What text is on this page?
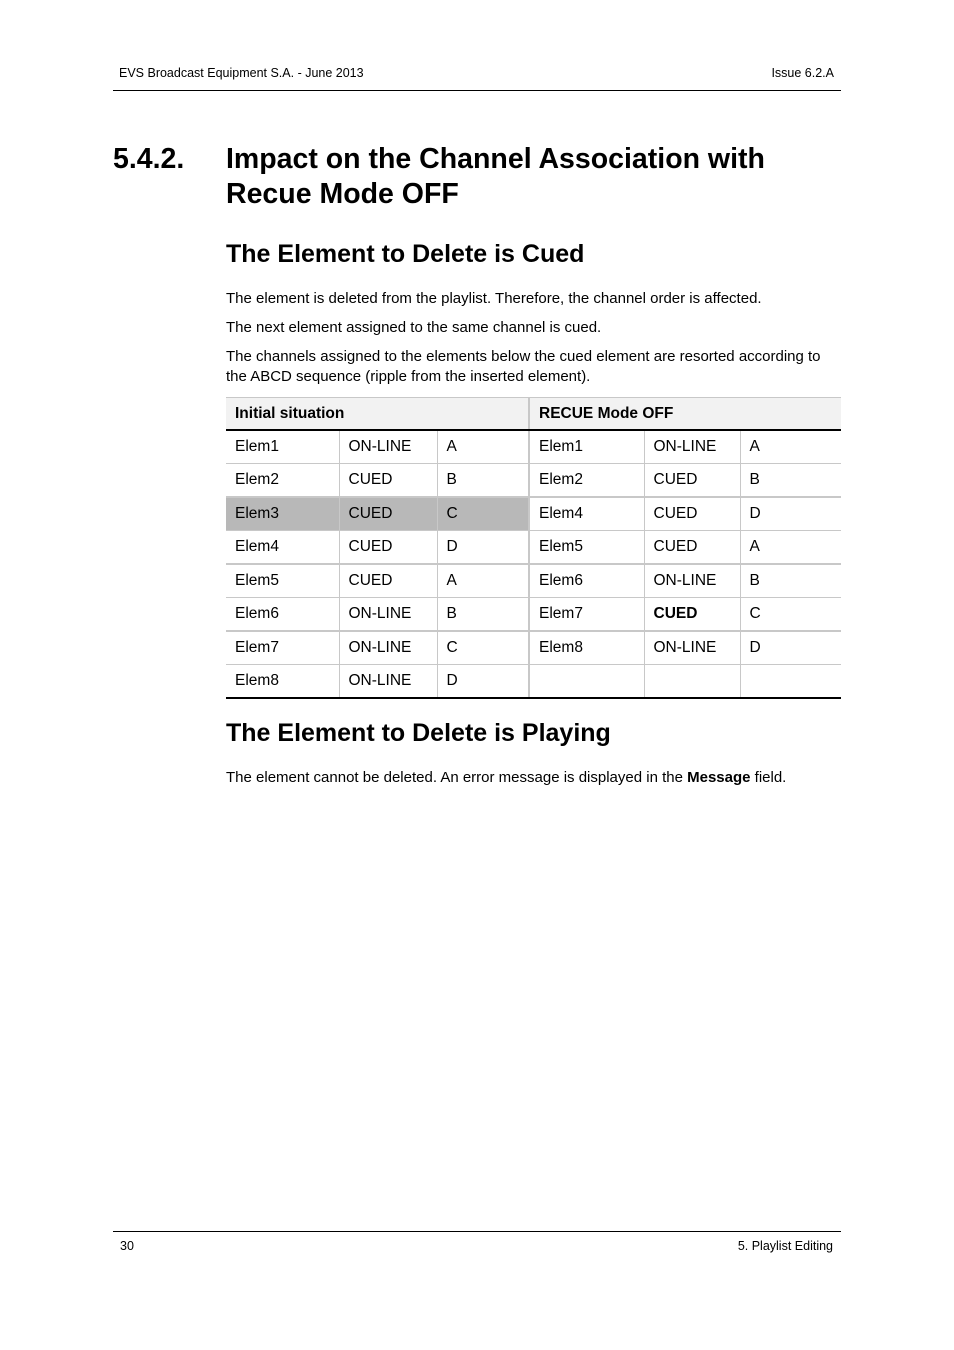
EVS Broadcast Equipment S.A. - June 2013	Issue 6.2.A
5.4.2. Impact on the Channel Association with Recue Mode OFF
The Element to Delete is Cued
The element is deleted from the playlist. Therefore, the channel order is affected.
The next element assigned to the same channel is cued.
The channels assigned to the elements below the cued element are resorted according to the ABCD sequence (ripple from the inserted element).
Initial situation			RECUE Mode OFF		
Elem1	ON-LINE	A	Elem1	ON-LINE	A
Elem2	CUED	B	Elem2	CUED	B
Elem3	CUED	C	Elem4	CUED	D
Elem4	CUED	D	Elem5	CUED	A
Elem5	CUED	A	Elem6	ON-LINE	B
Elem6	ON-LINE	B	Elem7	CUED	C
Elem7	ON-LINE	C	Elem8	ON-LINE	D
Elem8	ON-LINE	D			
The Element to Delete is Playing
The element cannot be deleted. An error message is displayed in the Message field.
30	5. Playlist Editing
